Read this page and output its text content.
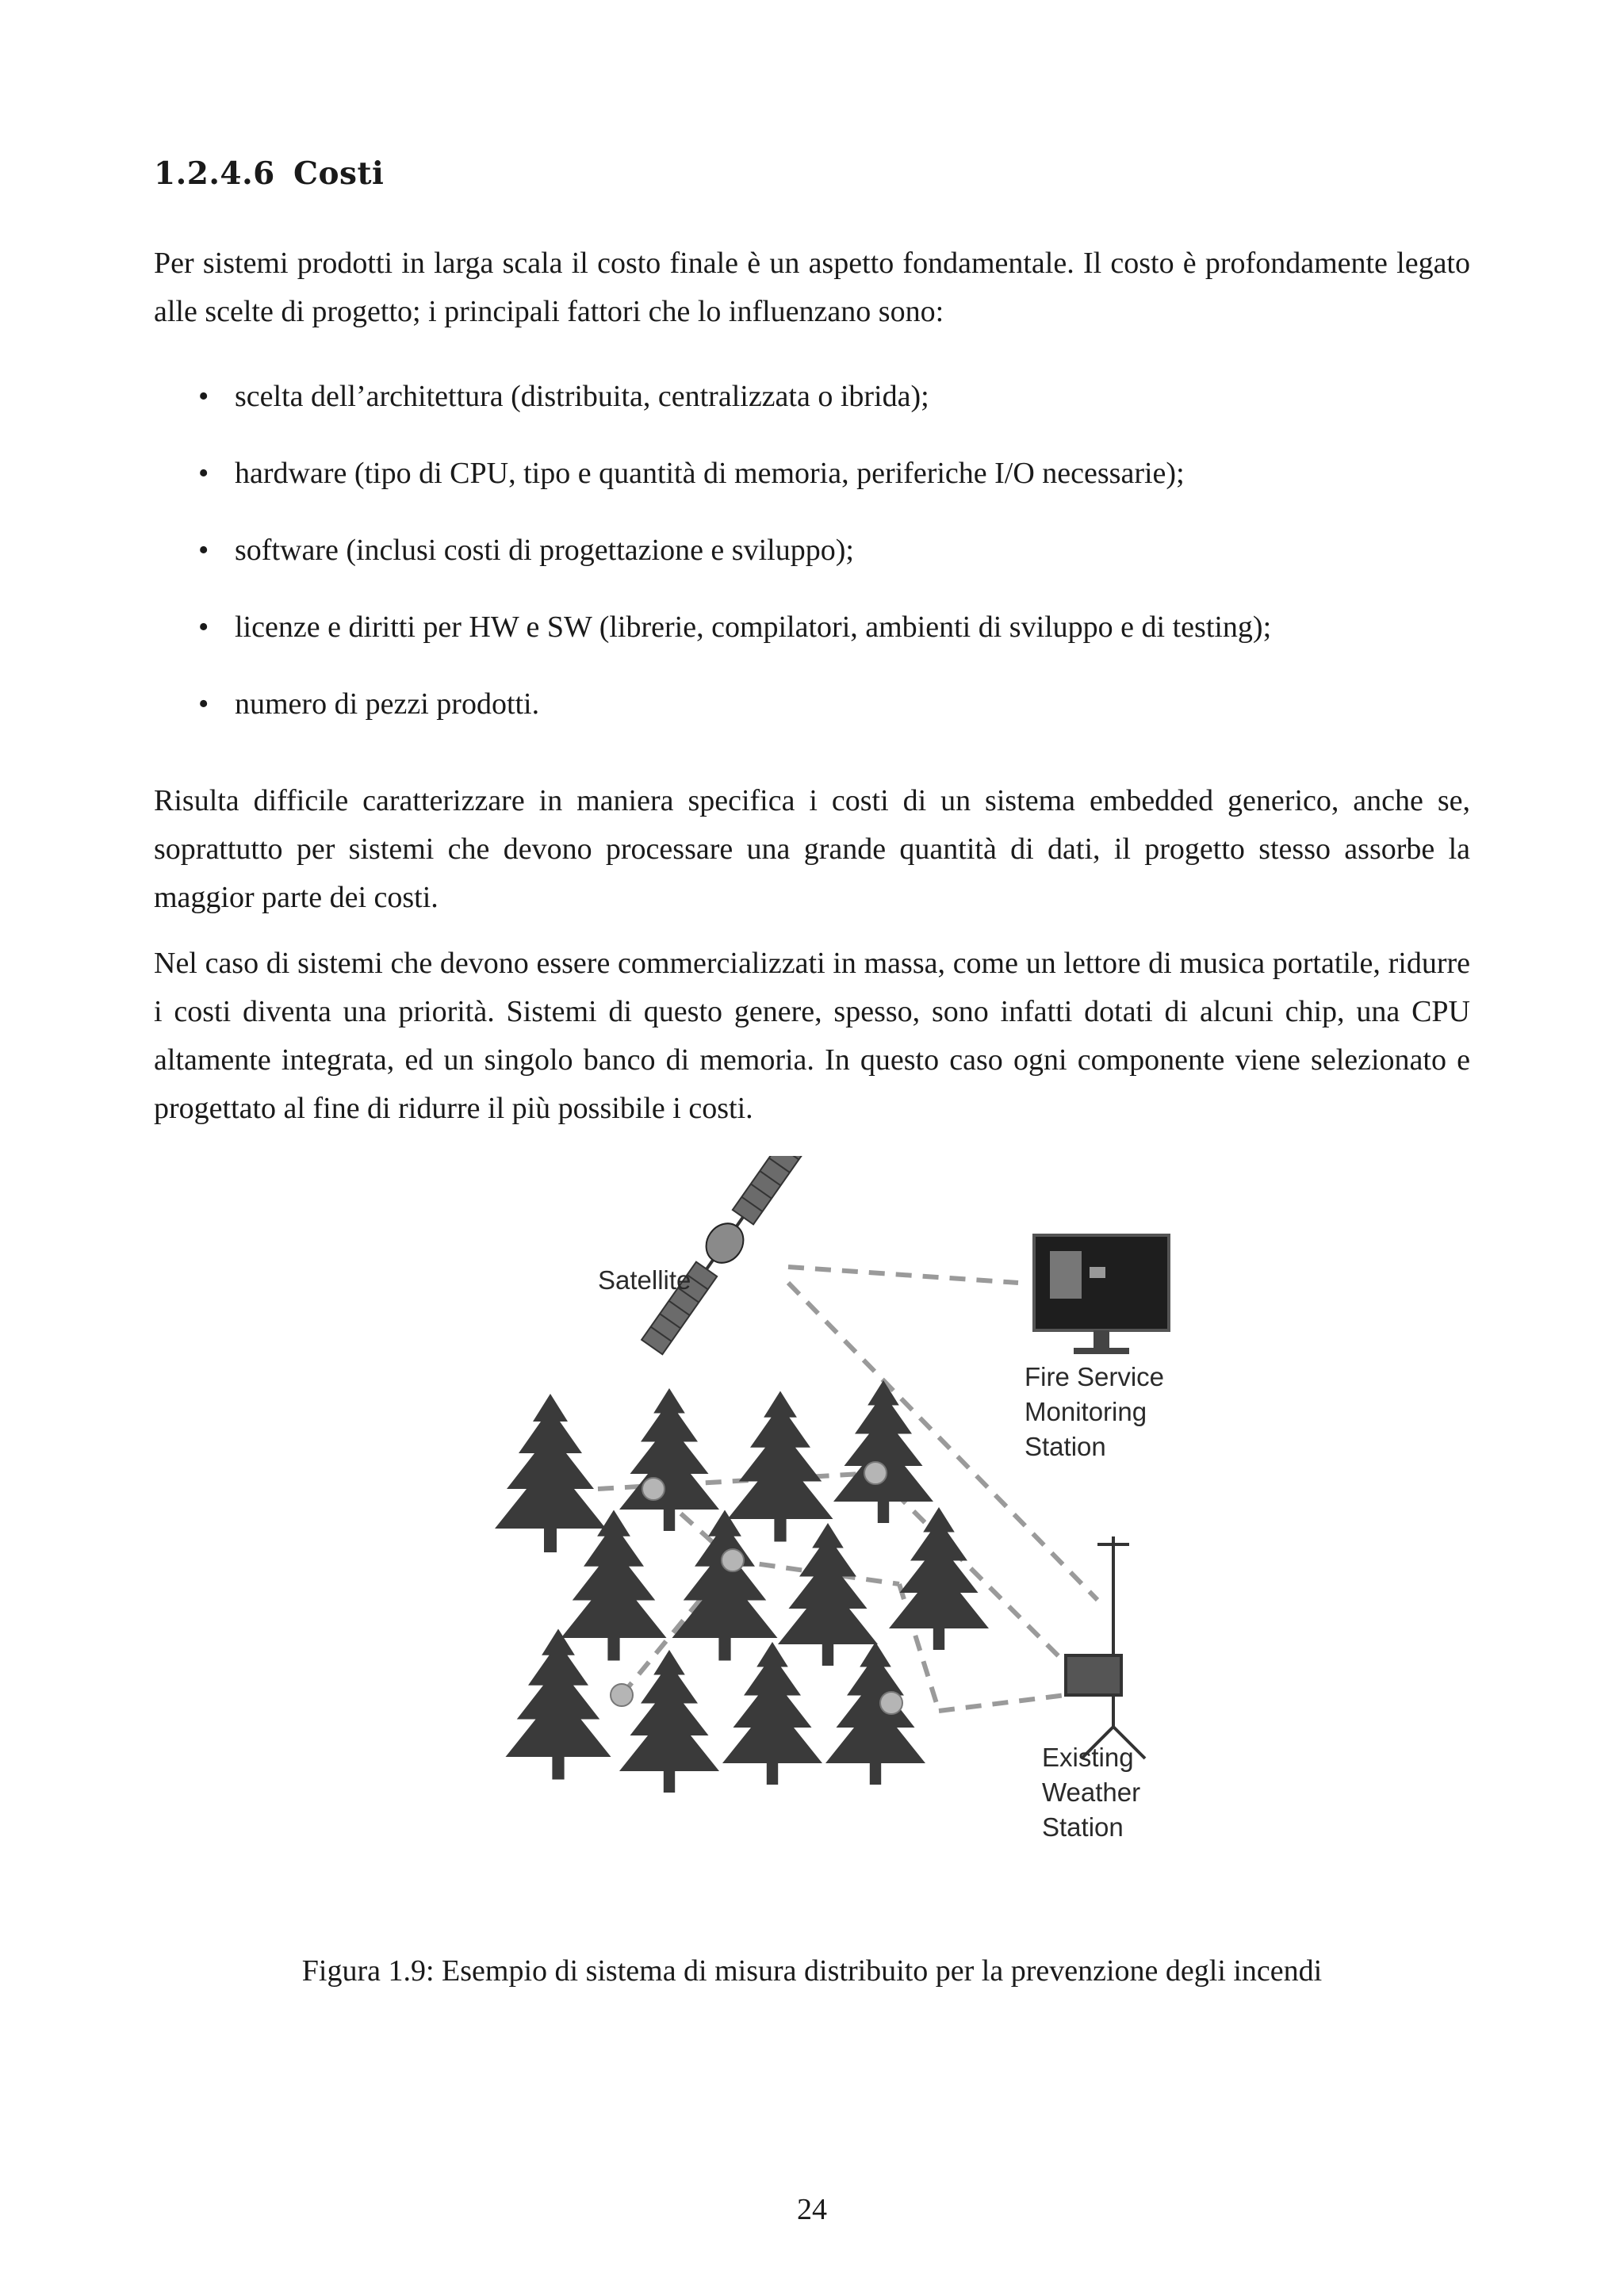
1.2.4.6 Costi

Per sistemi prodotti in larga scala il costo finale è un aspetto fondamentale. Il costo è profondamente legato alle scelte di progetto; i principali fattori che lo influenzano sono:

• scelta dell’architettura (distribuita, centralizzata o ibrida);
• hardware (tipo di CPU, tipo e quantità di memoria, periferiche I/O necessarie);
• software (inclusi costi di progettazione e sviluppo);
• licenze e diritti per HW e SW (librerie, compilatori, ambienti di sviluppo e di testing);
• numero di pezzi prodotti.

Risulta difficile caratterizzare in maniera specifica i costi di un sistema embedded generico, anche se, soprattutto per sistemi che devono processare una grande quantità di dati, il progetto stesso assorbe la maggior parte dei costi.

Nel caso di sistemi che devono essere commercializzati in massa, come un lettore di musica portatile, ridurre i costi diventa una priorità. Sistemi di questo genere, spesso, sono infatti dotati di alcuni chip, una CPU altamente integrata, ed un singolo banco di memoria. In questo caso ogni componente viene selezionato e progettato al fine di ridurre il più possibile i costi.

Satellite
Fire Service
Monitoring
Station
Existing
Weather
Station
Figura 1.9: Esempio di sistema di misura distribuito per la prevenzione degli incendi
24
